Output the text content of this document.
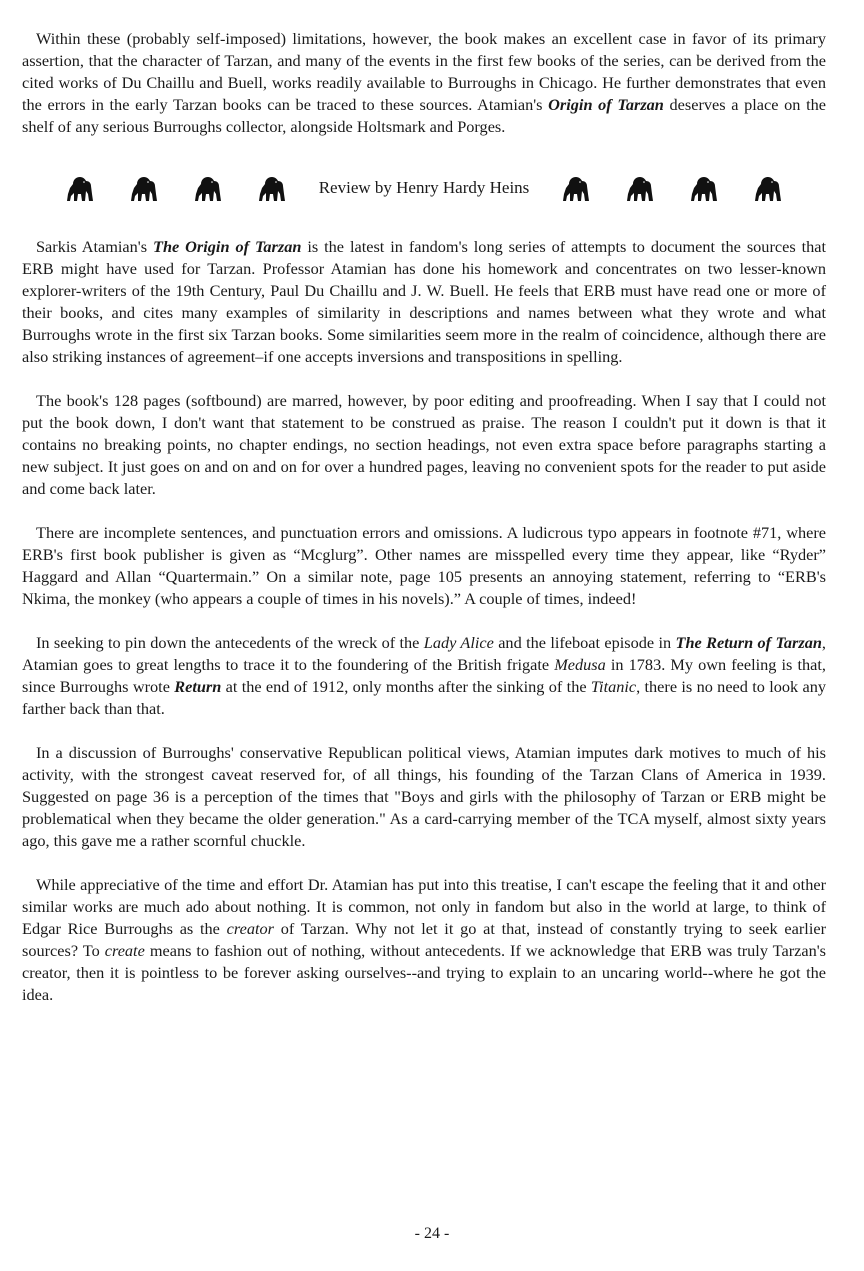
Within these (probably self-imposed) limitations, however, the book makes an excellent case in favor of its primary assertion, that the character of Tarzan, and many of the events in the first few books of the series, can be derived from the cited works of Du Chaillu and Buell, works readily available to Burroughs in Chicago. He further demonstrates that even the errors in the early Tarzan books can be traced to these sources. Atamian's Origin of Tarzan deserves a place on the shelf of any serious Burroughs collector, alongside Holtsmark and Porges.

Review by Henry Hardy Heins

Sarkis Atamian's The Origin of Tarzan is the latest in fandom's long series of attempts to document the sources that ERB might have used for Tarzan. Professor Atamian has done his homework and concentrates on two lesser-known explorer-writers of the 19th Century, Paul Du Chaillu and J. W. Buell. He feels that ERB must have read one or more of their books, and cites many examples of similarity in descriptions and names between what they wrote and what Burroughs wrote in the first six Tarzan books. Some similarities seem more in the realm of coincidence, although there are also striking instances of agreement–if one accepts inversions and transpositions in spelling.

The book's 128 pages (softbound) are marred, however, by poor editing and proofreading. When I say that I could not put the book down, I don't want that statement to be construed as praise. The reason I couldn't put it down is that it contains no breaking points, no chapter endings, no section headings, not even extra space before paragraphs starting a new subject. It just goes on and on and on for over a hundred pages, leaving no convenient spots for the reader to put aside and come back later.

There are incomplete sentences, and punctuation errors and omissions. A ludicrous typo appears in footnote #71, where ERB's first book publisher is given as “Mcglurg”. Other names are misspelled every time they appear, like “Ryder” Haggard and Allan “Quartermain.” On a similar note, page 105 presents an annoying statement, referring to “ERB's Nkima, the monkey (who appears a couple of times in his novels).” A couple of times, indeed!

In seeking to pin down the antecedents of the wreck of the Lady Alice and the lifeboat episode in The Return of Tarzan, Atamian goes to great lengths to trace it to the foundering of the British frigate Medusa in 1783. My own feeling is that, since Burroughs wrote Return at the end of 1912, only months after the sinking of the Titanic, there is no need to look any farther back than that.

In a discussion of Burroughs' conservative Republican political views, Atamian imputes dark motives to much of his activity, with the strongest caveat reserved for, of all things, his founding of the Tarzan Clans of America in 1939. Suggested on page 36 is a perception of the times that "Boys and girls with the philosophy of Tarzan or ERB might be problematical when they became the older generation." As a card-carrying member of the TCA myself, almost sixty years ago, this gave me a rather scornful chuckle.

While appreciative of the time and effort Dr. Atamian has put into this treatise, I can't escape the feeling that it and other similar works are much ado about nothing. It is common, not only in fandom but also in the world at large, to think of Edgar Rice Burroughs as the creator of Tarzan. Why not let it go at that, instead of constantly trying to seek earlier sources? To create means to fashion out of nothing, without antecedents. If we acknowledge that ERB was truly Tarzan's creator, then it is pointless to be forever asking ourselves--and trying to explain to an uncaring world--where he got the idea.

- 24 -
